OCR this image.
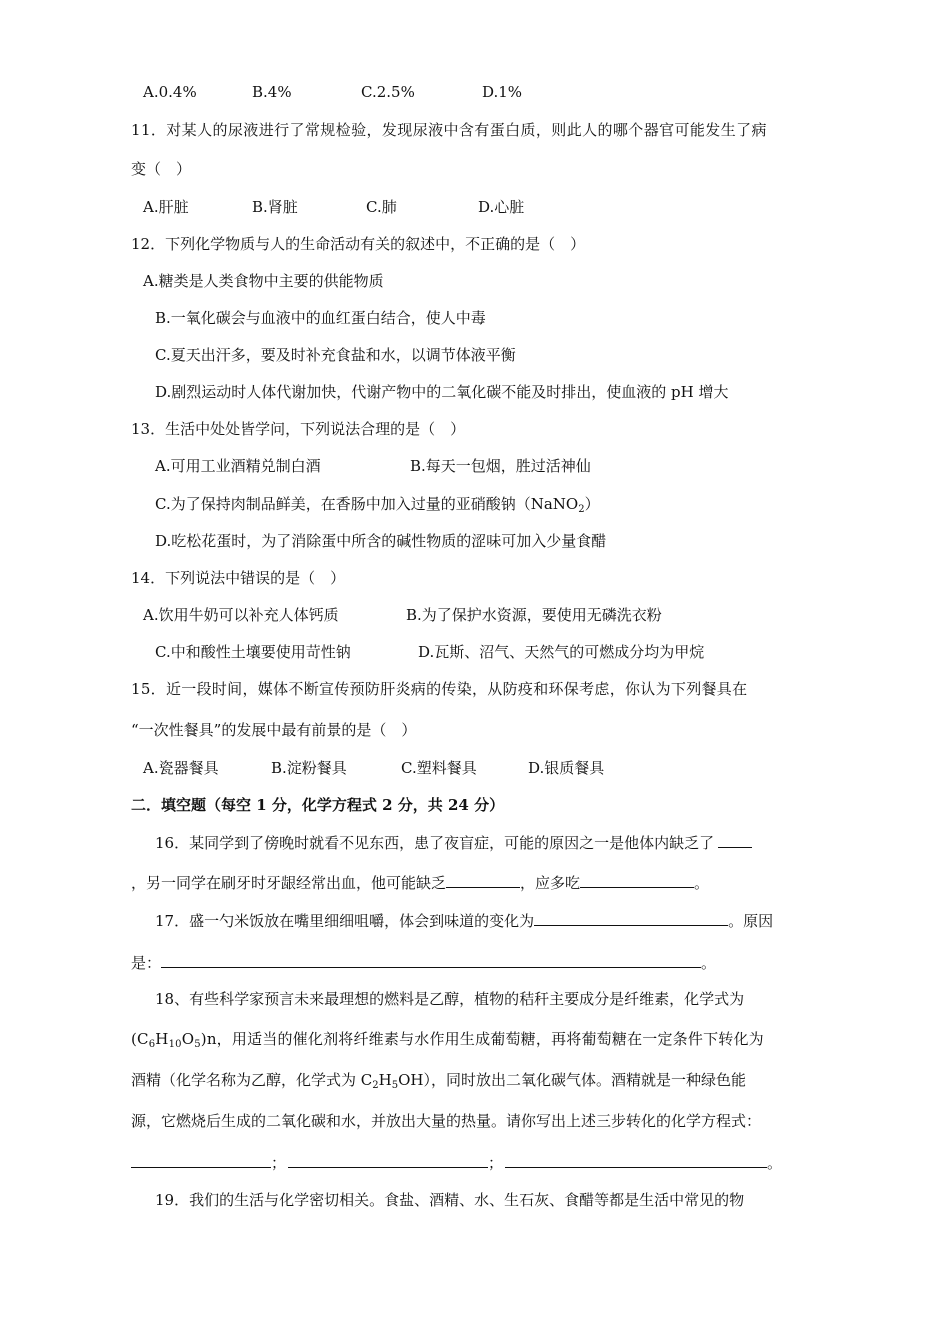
A.0.4%	B.4%	C.2.5%	D.1%
11．对某人的尿液进行了常规检验，发现尿液中含有蛋白质，则此人的哪个器官可能发生了病
变（　）
A.肝脏	B.肾脏	C.肺	D.心脏
12．下列化学物质与人的生命活动有关的叙述中，不正确的是（　）
A.糖类是人类食物中主要的供能物质
B.一氧化碳会与血液中的血红蛋白结合，使人中毒
C.夏天出汗多，要及时补充食盐和水，以调节体液平衡
D.剧烈运动时人体代谢加快，代谢产物中的二氧化碳不能及时排出，使血液的 pH 增大
13．生活中处处皆学问，下列说法合理的是（　）
A.可用工业酒精兑制白酒	B.每天一包烟，胜过活神仙
C.为了保持肉制品鲜美，在香肠中加入过量的亚硝酸钠（NaNO$_2$）
D.吃松花蛋时，为了消除蛋中所含的碱性物质的涩味可加入少量食醋
14．下列说法中错误的是（　）
A.饮用牛奶可以补充人体钙质	B.为了保护水资源，要使用无磷洗衣粉
C.中和酸性土壤要使用苛性钠	D.瓦斯、沼气、天然气的可燃成分均为甲烷
15．近一段时间，媒体不断宣传预防肝炎病的传染，从防疫和环保考虑，你认为下列餐具在
“一次性餐具”的发展中最有前景的是（　）
A.瓷器餐具	B.淀粉餐具	C.塑料餐具	D.银质餐具
二．填空题（每空 1 分，化学方程式 2 分，共 24 分）
16．某同学到了傍晚时就看不见东西，患了夜盲症，可能的原因之一是他体内缺乏了
，另一同学在刷牙时牙龈经常出血，他可能缺乏	，应多吃	。
17．盛一勺米饭放在嘴里细细咀嚼，体会到味道的变化为	。原因
是：	。
18、有些科学家预言未来最理想的燃料是乙醇，植物的秸秆主要成分是纤维素，化学式为
$(C_6H_{10}O_5)n$，用适当的催化剂将纤维素与水作用生成葡萄糖，再将葡萄糖在一定条件下转化为
酒精（化学名称为乙醇，化学式为 $C_2H_5OH$），同时放出二氧化碳气体。酒精就是一种绿色能
源，它燃烧后生成的二氧化碳和水，并放出大量的热量。请你写出上述三步转化的化学方程式：
；	；	。
19．我们的生活与化学密切相关。食盐、酒精、水、生石灰、食醋等都是生活中常见的物
